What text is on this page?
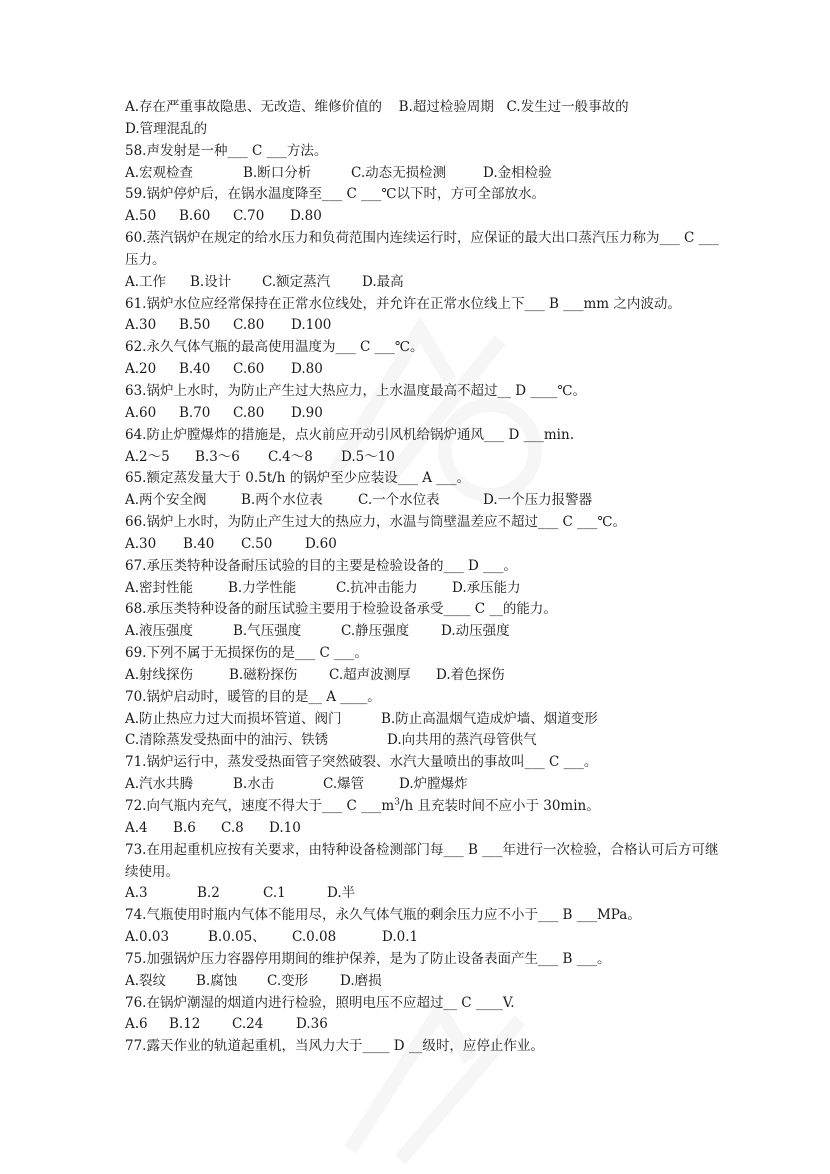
A.存在严重事故隐患、无改造、维修价值的 B.超过检验周期 C.发生过一般事故的

D.管理混乱的

58.声发射是一种___ C ___方法。

A.宏观检查	B.断口分析	C.动态无损检测	D.金相检验

59.锅炉停炉后，在锅水温度降至___ C ___℃以下时，方可全部放水。

A.50 B.60 C.70 D.80

60.蒸汽锅炉在规定的给水压力和负荷范围内连续运行时，应保证的最大出口蒸汽压力称为___ C ___压力。

A.工作 B.设计 C.额定蒸汽 D.最高

61.锅炉水位应经常保持在正常水位线处，并允许在正常水位线上下___ B ___mm 之内波动。

A.30 B.50 C.80 D.100

62.永久气体气瓶的最高使用温度为___ C ___℃。

A.20 B.40 C.60 D.80

63.锅炉上水时，为防止产生过大热应力，上水温度最高不超过__ D ____℃。

A.60 B.70 C.80 D.90

64.防止炉膛爆炸的措施是，点火前应开动引风机给锅炉通风___ D ___min.

A.2～5 B.3～6 C.4～8 D.5～10

65.额定蒸发量大于 0.5t/h 的锅炉至少应装设___ A ___。

A.两个安全阀	B.两个水位表	C.一个水位表	D.一个压力报警器

66.锅炉上水时，为防止产生过大的热应力，水温与筒壁温差应不超过___ C ___℃。

A.30 B.40 C.50 D.60

67.承压类特种设备耐压试验的目的主要是检验设备的___ D ___。

A.密封性能	B.力学性能	C.抗冲击能力	D.承压能力

68.承压类特种设备的耐压试验主要用于检验设备承受____ C __的能力。

A.液压强度	B.气压强度	C.静压强度 D.动压强度

69.下列不属于无损探伤的是___ C ___。

A.射线探伤	B.磁粉探伤 C.超声波测厚 D.着色探伤

70.锅炉启动时，暖管的目的是__ A ____。

A.防止热应力过大而损坏管道、阀门	B.防止高温烟气造成炉墙、烟道变形

C.清除蒸发受热面中的油污、铁锈	D.向共用的蒸汽母管供气

71.锅炉运行中，蒸发受热面管子突然破裂、水汽大量喷出的事故叫___ C ___。

A.汽水共腾	B.水击	C.爆管	D.炉膛爆炸

72.向气瓶内充气，速度不得大于___ C $\_\_\_m^3/h$ 且充装时间不应小于 30min。

A.4 B.6 C.8 D.10

73.在用起重机应按有关要求，由特种设备检测部门每___ B ___年进行一次检验，合格认可后方可继续使用。

A.3	B.2	C.1	D.半

74.气瓶使用时瓶内气体不能用尽，永久气体气瓶的剩余压力应不小于___ B ___MPa。

A.0.03	B.0.05、 C.0.08	D.0.1

75.加强锅炉压力容器停用期间的维护保养，是为了防止设备表面产生___ B ___。

A.裂纹 B.腐蚀 C.变形 D.磨损

76.在锅炉潮湿的烟道内进行检验，照明电压不应超过__ C ____V.

A.6 B.12 C.24 D.36

77.露天作业的轨道起重机，当风力大于____ D __级时，应停止作业。
